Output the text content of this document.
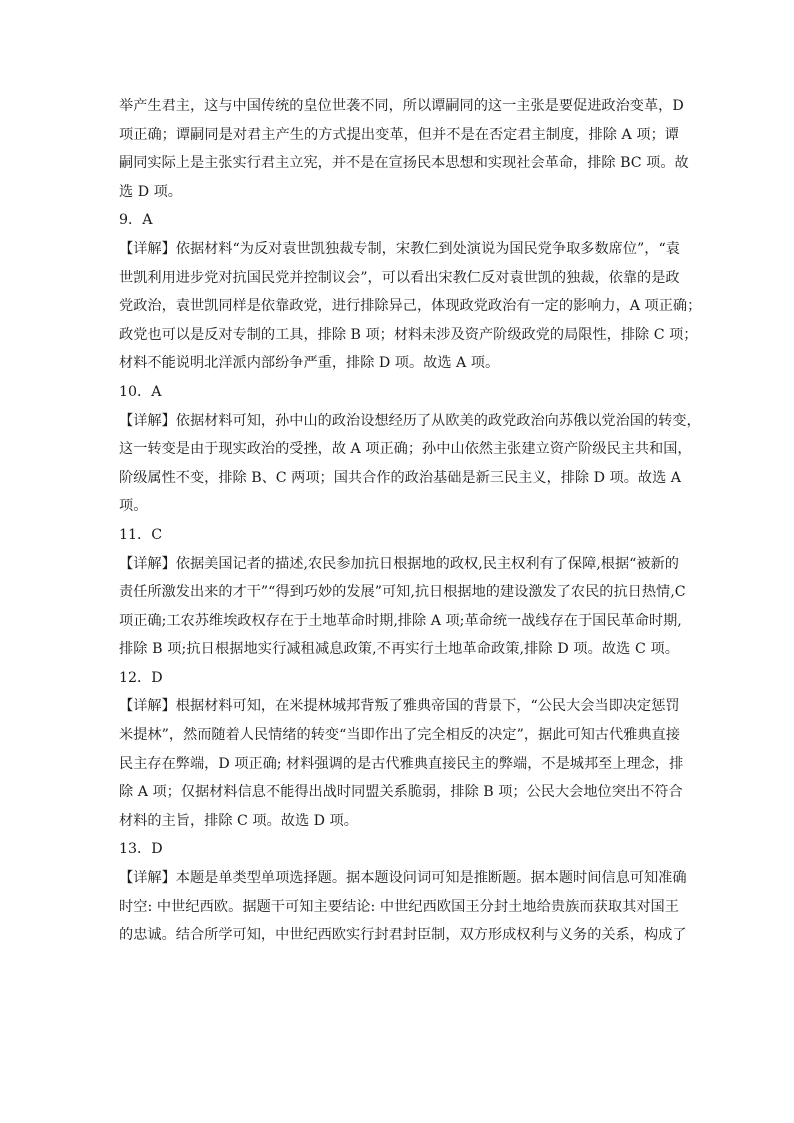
举产生君主，这与中国传统的皇位世袭不同，所以谭嗣同的这一主张是要促进政治变革，D
项正确；谭嗣同是对君主产生的方式提出变革，但并不是在否定君主制度，排除 A 项；谭
嗣同实际上是主张实行君主立宪，并不是在宣扬民本思想和实现社会革命，排除 BC 项。故
选 D 项。
9．A
【详解】依据材料“为反对袁世凯独裁专制，宋教仁到处演说为国民党争取多数席位”，“袁
世凯利用进步党对抗国民党并控制议会”，可以看出宋教仁反对袁世凯的独裁，依靠的是政
党政治，袁世凯同样是依靠政党，进行排除异己，体现政党政治有一定的影响力，A 项正确；
政党也可以是反对专制的工具，排除 B 项；材料未涉及资产阶级政党的局限性，排除 C 项；
材料不能说明北洋派内部纷争严重，排除 D 项。故选 A 项。
10．A
【详解】依据材料可知，孙中山的政治设想经历了从欧美的政党政治向苏俄以党治国的转变，
这一转变是由于现实政治的受挫，故 A 项正确；孙中山依然主张建立资产阶级民主共和国，
阶级属性不变，排除 B、C 两项；国共合作的政治基础是新三民主义，排除 D 项。故选 A
项。
11．C
【详解】依据美国记者的描述,农民参加抗日根据地的政权,民主权利有了保障,根据“被新的
责任所激发出来的才干”“得到巧妙的发展”可知,抗日根据地的建设激发了农民的抗日热情,C
项正确;工农苏维埃政权存在于土地革命时期,排除 A 项;革命统一战线存在于国民革命时期,
排除 B 项;抗日根据地实行减租减息政策,不再实行土地革命政策,排除 D 项。故选 C 项。
12．D
【详解】根据材料可知，在米提林城邦背叛了雅典帝国的背景下，“公民大会当即决定惩罚
米提林”，然而随着人民情绪的转变“当即作出了完全相反的决定”，据此可知古代雅典直接
民主存在弊端，D 项正确; 材料强调的是古代雅典直接民主的弊端，不是城邦至上理念，排
除 A 项；仅据材料信息不能得出战时同盟关系脆弱，排除 B 项；公民大会地位突出不符合
材料的主旨，排除 C 项。故选 D 项。
13．D
【详解】本题是单类型单项选择题。据本题设问词可知是推断题。据本题时间信息可知准确
时空: 中世纪西欧。据题干可知主要结论: 中世纪西欧国王分封土地给贵族而获取其对国王
的忠诚。结合所学可知，中世纪西欧实行封君封臣制，双方形成权利与义务的关系，构成了
